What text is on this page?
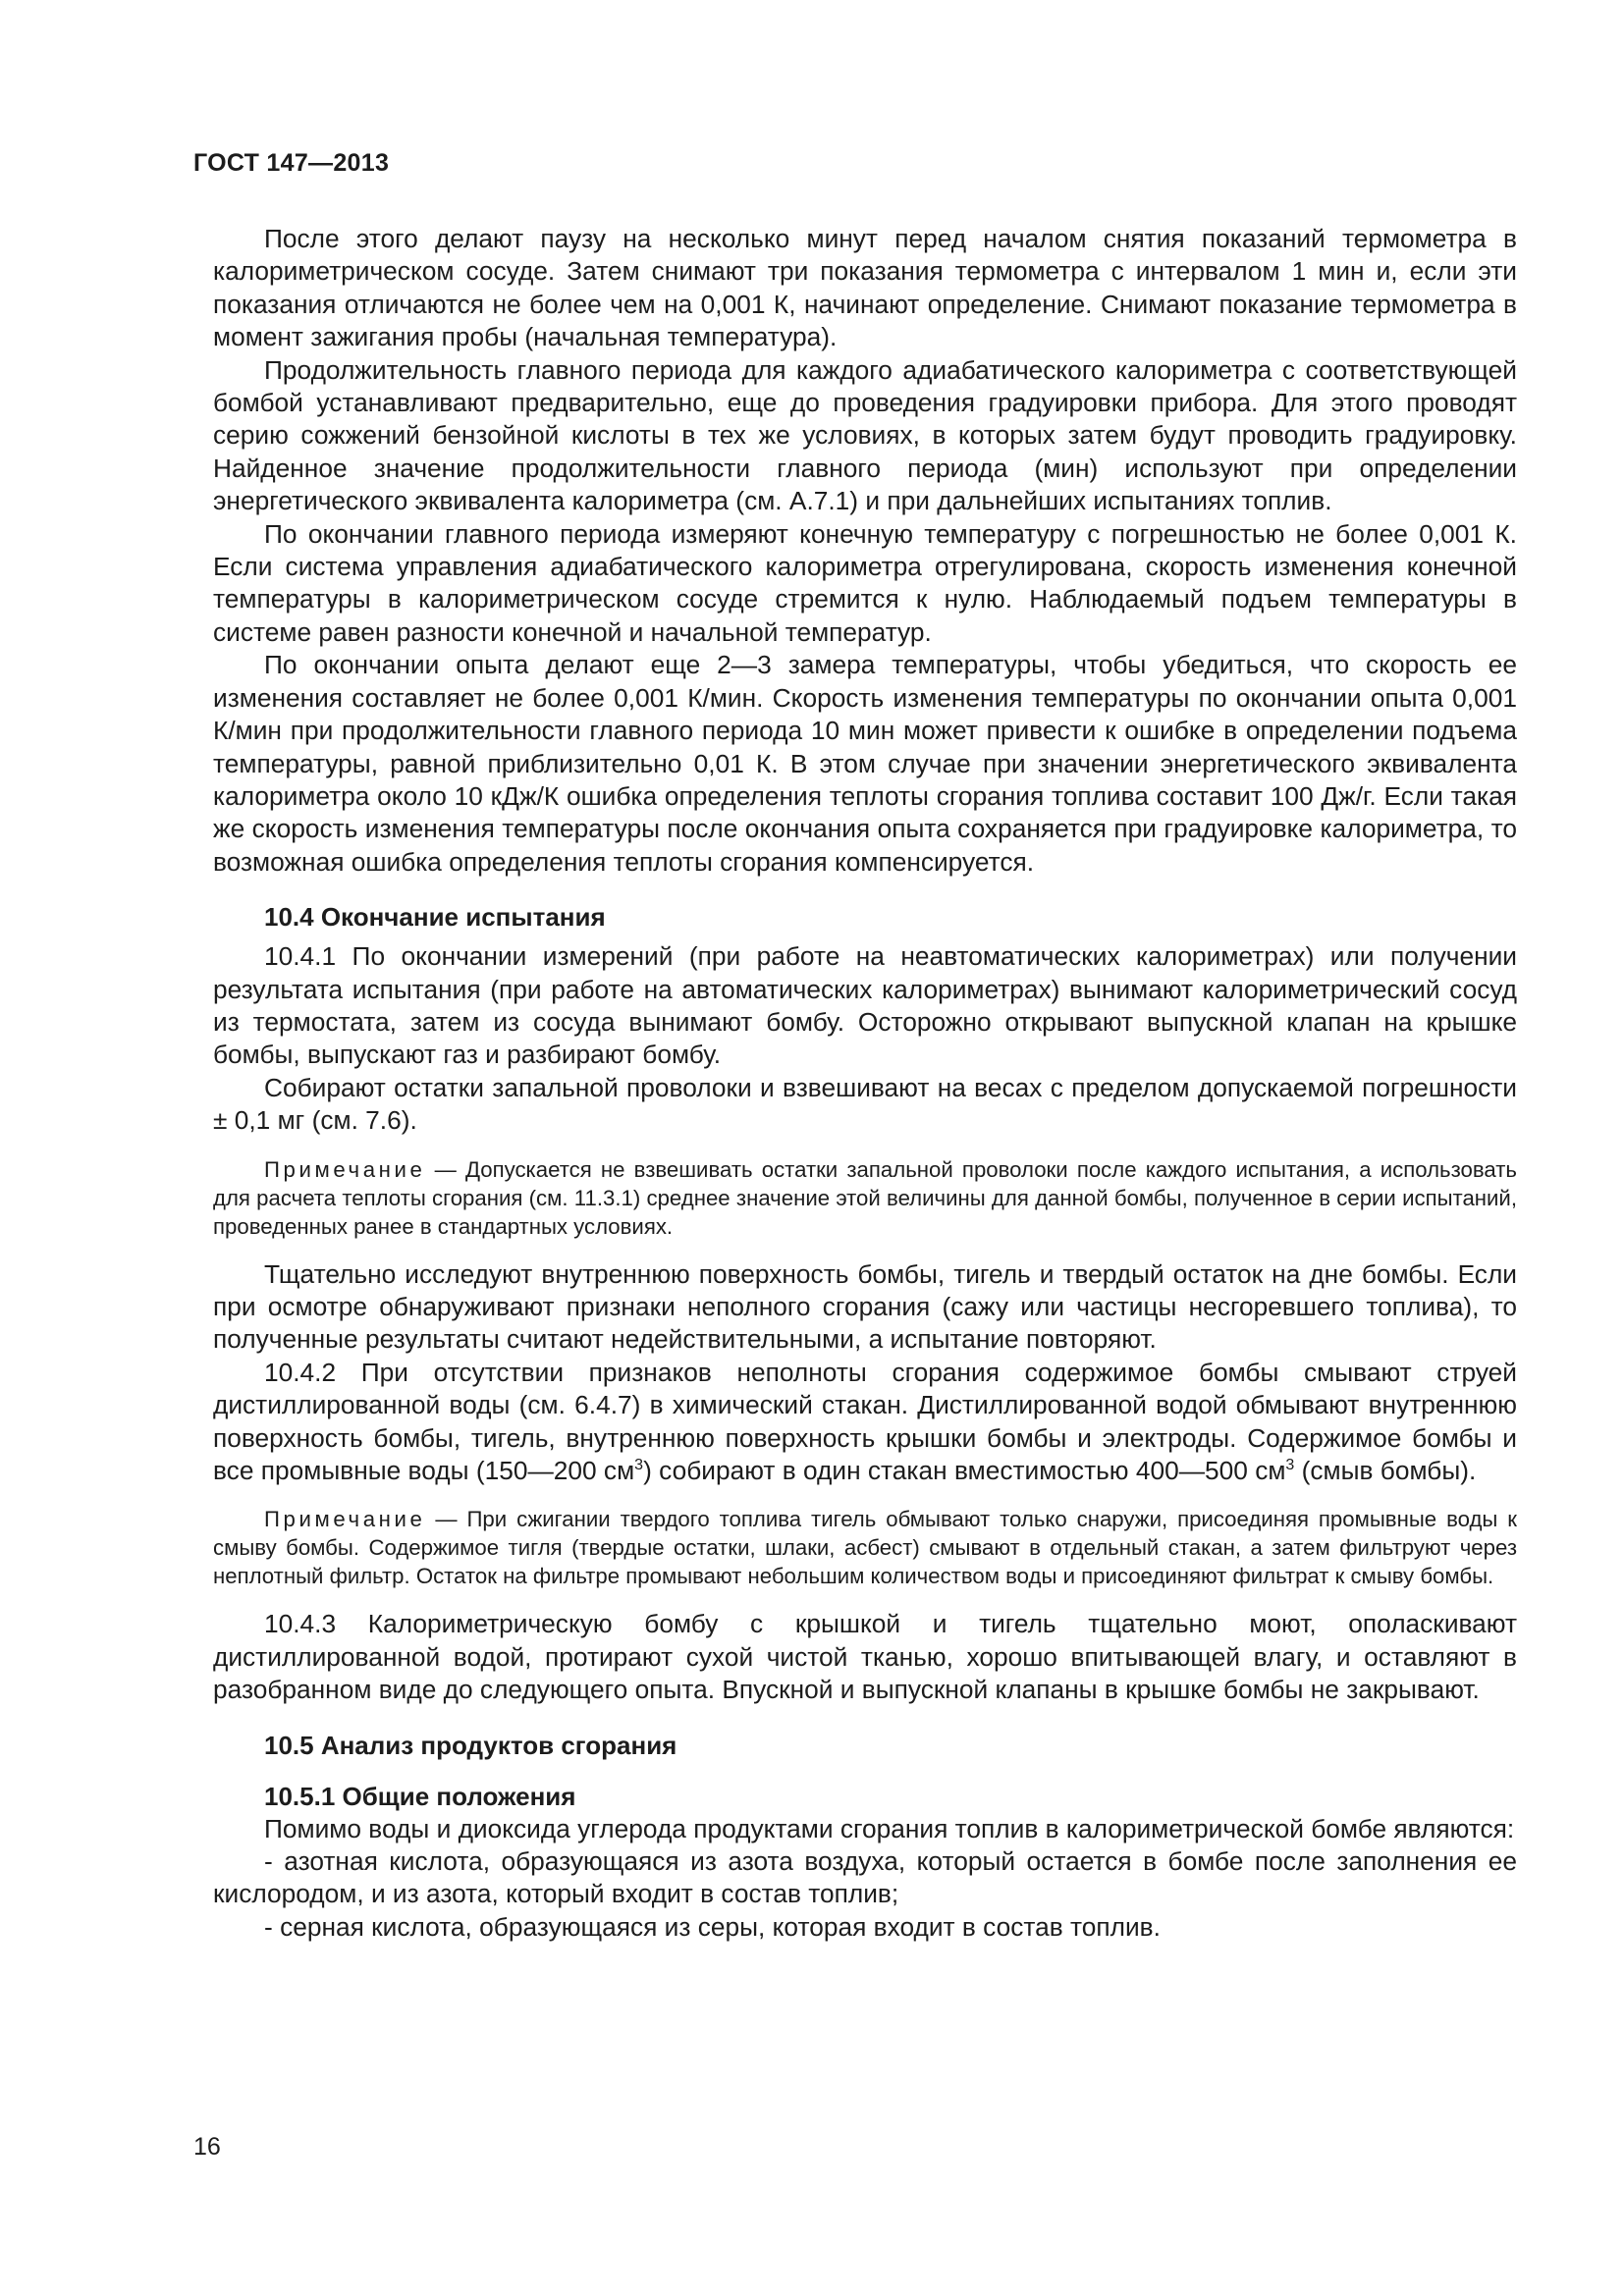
ГОСТ 147—2013

После этого делают паузу на несколько минут перед началом снятия показаний термометра в калориметрическом сосуде. Затем снимают три показания термометра с интервалом 1 мин и, если эти показания отличаются не более чем на 0,001 К, начинают определение. Снимают показание термометра в момент зажигания пробы (начальная температура).

Продолжительность главного периода для каждого адиабатического калориметра с соответствующей бомбой устанавливают предварительно, еще до проведения градуировки прибора. Для этого проводят серию сожжений бензойной кислоты в тех же условиях, в которых затем будут проводить градуировку. Найденное значение продолжительности главного периода (мин) используют при определении энергетического эквивалента калориметра (см. А.7.1) и при дальнейших испытаниях топлив.

По окончании главного периода измеряют конечную температуру с погрешностью не более 0,001 К. Если система управления адиабатического калориметра отрегулирована, скорость изменения конечной температуры в калориметрическом сосуде стремится к нулю. Наблюдаемый подъем температуры в системе равен разности конечной и начальной температур.

По окончании опыта делают еще 2—3 замера температуры, чтобы убедиться, что скорость ее изменения составляет не более 0,001 К/мин. Скорость изменения температуры по окончании опыта 0,001 К/мин при продолжительности главного периода 10 мин может привести к ошибке в определении подъема температуры, равной приблизительно 0,01 К. В этом случае при значении энергетического эквивалента калориметра около 10 кДж/К ошибка определения теплоты сгорания топлива составит 100 Дж/г. Если такая же скорость изменения температуры после окончания опыта сохраняется при градуировке калориметра, то возможная ошибка определения теплоты сгорания компенсируется.

10.4 Окончание испытания

10.4.1 По окончании измерений (при работе на неавтоматических калориметрах) или получении результата испытания (при работе на автоматических калориметрах) вынимают калориметрический сосуд из термостата, затем из сосуда вынимают бомбу. Осторожно открывают выпускной клапан на крышке бомбы, выпускают газ и разбирают бомбу.

Собирают остатки запальной проволоки и взвешивают на весах с пределом допускаемой погрешности ± 0,1 мг (см. 7.6).

Примечание — Допускается не взвешивать остатки запальной проволоки после каждого испытания, а использовать для расчета теплоты сгорания (см. 11.3.1) среднее значение этой величины для данной бомбы, полученное в серии испытаний, проведенных ранее в стандартных условиях.

Тщательно исследуют внутреннюю поверхность бомбы, тигель и твердый остаток на дне бомбы. Если при осмотре обнаруживают признаки неполного сгорания (сажу или частицы несгоревшего топлива), то полученные результаты считают недействительными, а испытание повторяют.

10.4.2 При отсутствии признаков неполноты сгорания содержимое бомбы смывают струей дистиллированной воды (см. 6.4.7) в химический стакан. Дистиллированной водой обмывают внутреннюю поверхность бомбы, тигель, внутреннюю поверхность крышки бомбы и электроды. Содержимое бомбы и все промывные воды (150—200 $см^3$) собирают в один стакан вместимостью 400—500 $см^3$ (смыв бомбы).

Примечание — При сжигании твердого топлива тигель обмывают только снаружи, присоединяя промывные воды к смыву бомбы. Содержимое тигля (твердые остатки, шлаки, асбест) смывают в отдельный стакан, а затем фильтруют через неплотный фильтр. Остаток на фильтре промывают небольшим количеством воды и присоединяют фильтрат к смыву бомбы.

10.4.3 Калориметрическую бомбу с крышкой и тигель тщательно моют, ополаскивают дистиллированной водой, протирают сухой чистой тканью, хорошо впитывающей влагу, и оставляют в разобранном виде до следующего опыта. Впускной и выпускной клапаны в крышке бомбы не закрывают.

10.5 Анализ продуктов сгорания

10.5.1 Общие положения

Помимо воды и диоксида углерода продуктами сгорания топлив в калориметрической бомбе являются:

- азотная кислота, образующаяся из азота воздуха, который остается в бомбе после заполнения ее кислородом, и из азота, который входит в состав топлив;

- серная кислота, образующаяся из серы, которая входит в состав топлив.

16
